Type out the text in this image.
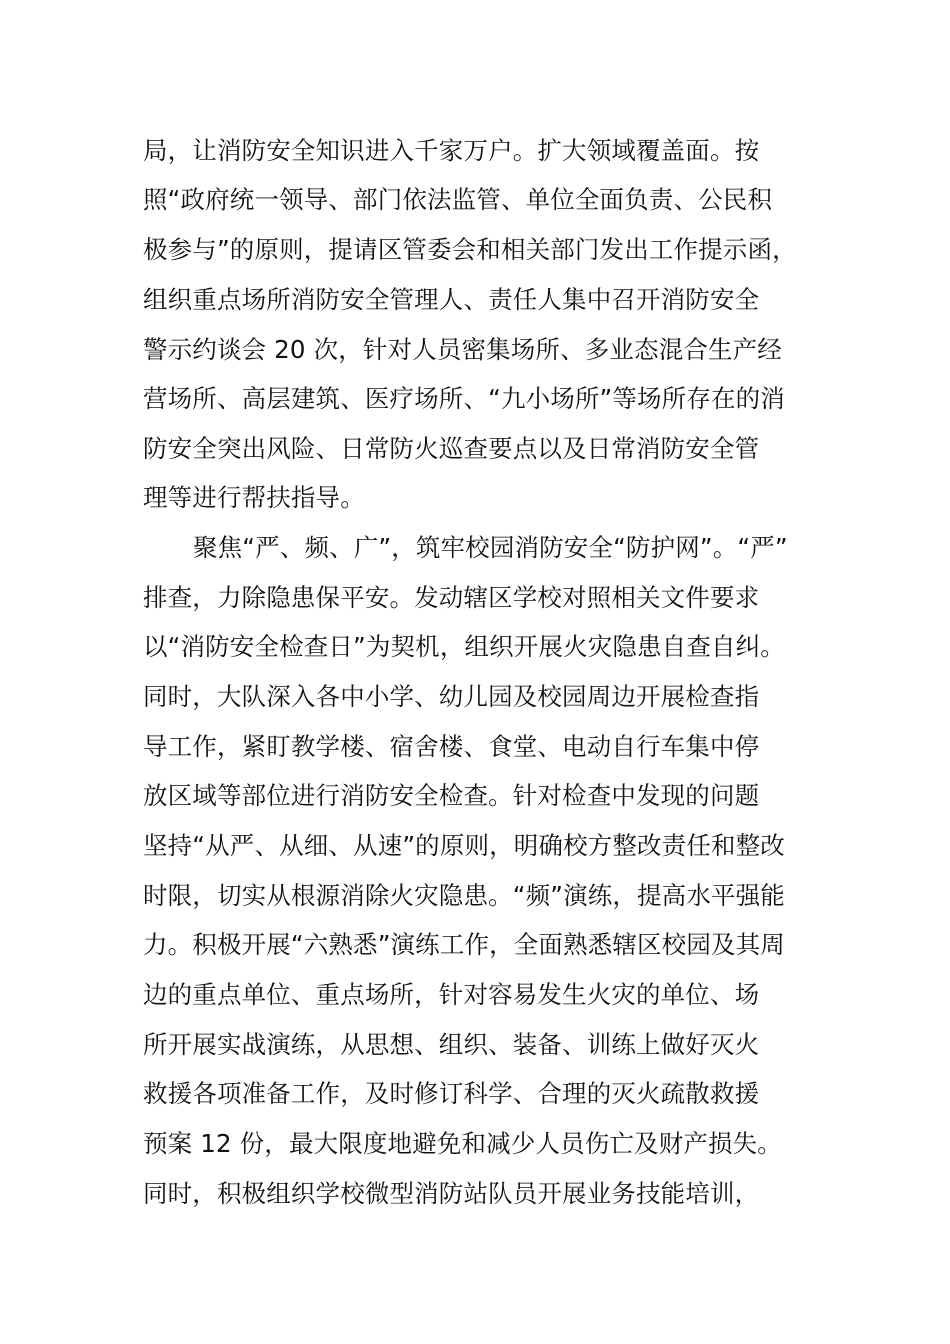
局，让消防安全知识进入千家万户。扩大领域覆盖面。按
照“政府统一领导、部门依法监管、单位全面负责、公民积
极参与”的原则，提请区管委会和相关部门发出工作提示函，
组织重点场所消防安全管理人、责任人集中召开消防安全
警示约谈会 20 次，针对人员密集场所、多业态混合生产经
营场所、高层建筑、医疗场所、“九小场所”等场所存在的消
防安全突出风险、日常防火巡查要点以及日常消防安全管
理等进行帮扶指导。
聚焦“严、频、广”，筑牢校园消防安全“防护网”。“严”
排查，力除隐患保平安。发动辖区学校对照相关文件要求
以“消防安全检查日”为契机，组织开展火灾隐患自查自纠。
同时，大队深入各中小学、幼儿园及校园周边开展检查指
导工作，紧盯教学楼、宿舍楼、食堂、电动自行车集中停
放区域等部位进行消防安全检查。针对检查中发现的问题
坚持“从严、从细、从速”的原则，明确校方整改责任和整改
时限，切实从根源消除火灾隐患。“频”演练，提高水平强能
力。积极开展“六熟悉”演练工作，全面熟悉辖区校园及其周
边的重点单位、重点场所，针对容易发生火灾的单位、场
所开展实战演练，从思想、组织、装备、训练上做好灭火
救援各项准备工作，及时修订科学、合理的灭火疏散救援
预案 12 份，最大限度地避免和减少人员伤亡及财产损失。
同时，积极组织学校微型消防站队员开展业务技能培训，
